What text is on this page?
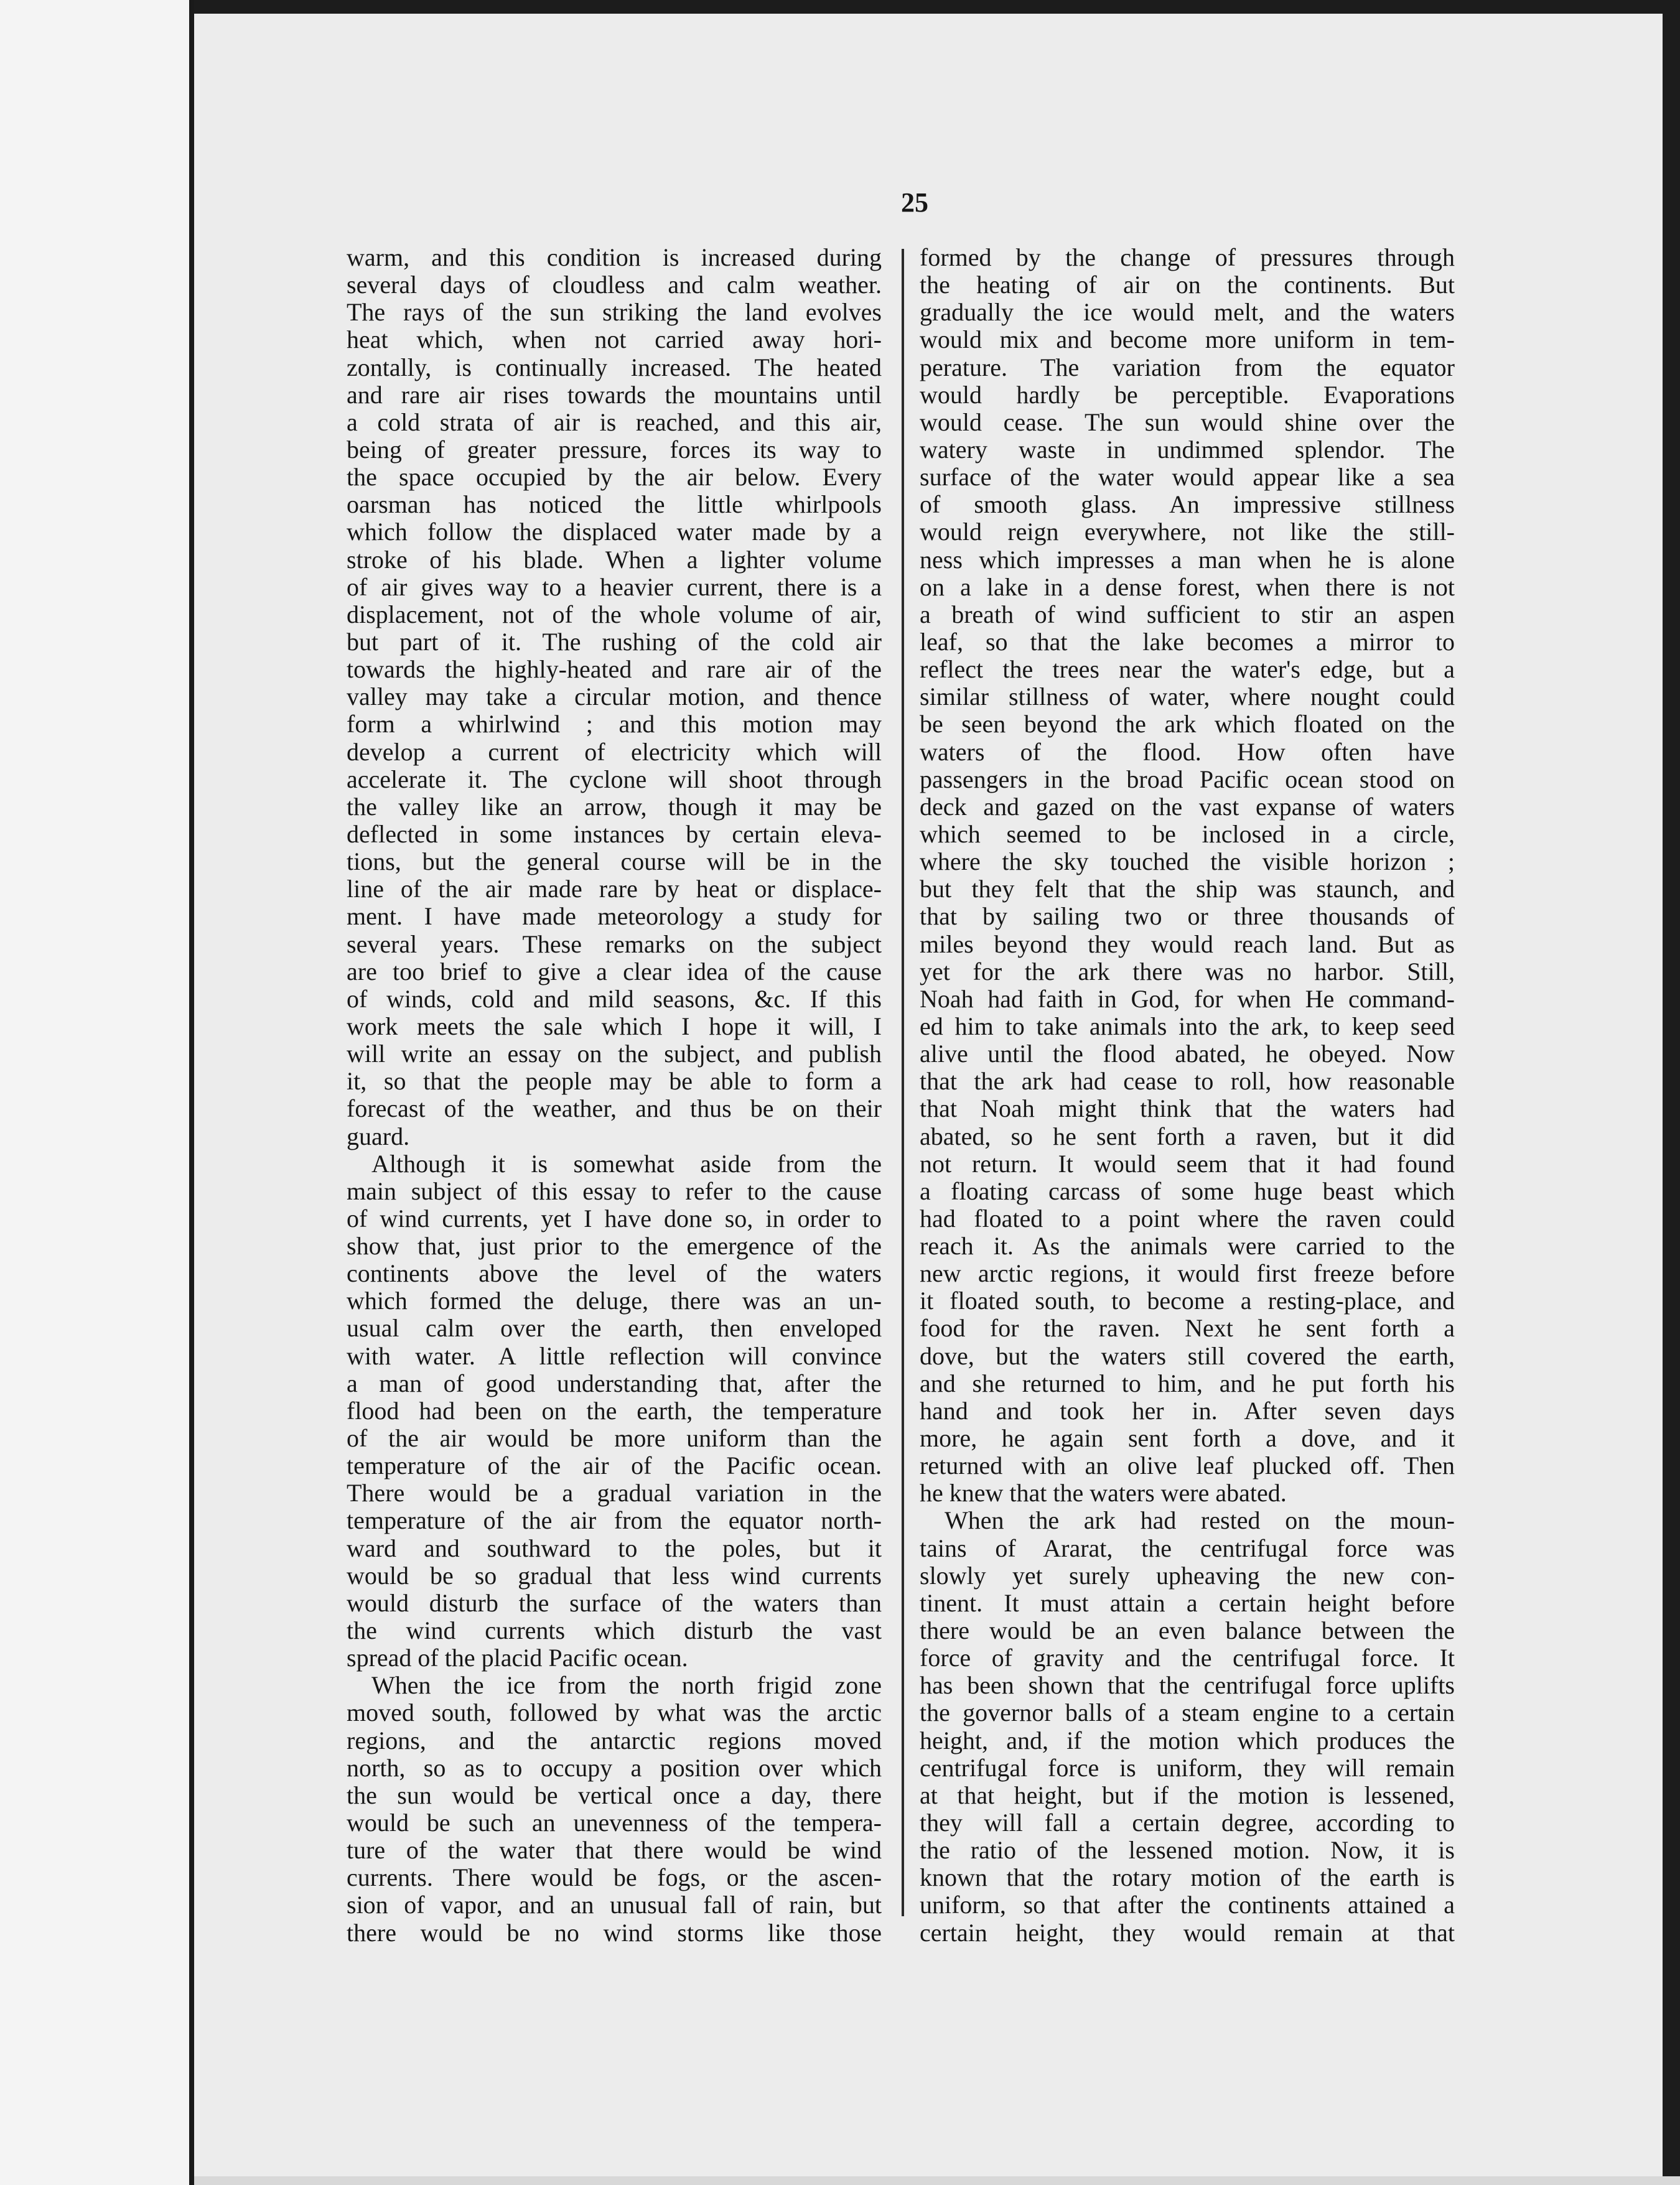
25
warm, and this condition is increased during
several days of cloudless and calm weather.
The rays of the sun striking the land evolves
heat which, when not carried away hori-
zontally, is continually increased. The heated
and rare air rises towards the mountains until
a cold strata of air is reached, and this air,
being of greater pressure, forces its way to
the space occupied by the air below. Every
oarsman has noticed the little whirlpools
which follow the displaced water made by a
stroke of his blade. When a lighter volume
of air gives way to a heavier current, there is a
displacement, not of the whole volume of air,
but part of it. The rushing of the cold air
towards the highly-heated and rare air of the
valley may take a circular motion, and thence
form a whirlwind ; and this motion may
develop a current of electricity which will
accelerate it. The cyclone will shoot through
the valley like an arrow, though it may be
deflected in some instances by certain eleva-
tions, but the general course will be in the
line of the air made rare by heat or displace-
ment. I have made meteorology a study for
several years. These remarks on the subject
are too brief to give a clear idea of the cause
of winds, cold and mild seasons, &c. If this
work meets the sale which I hope it will, I
will write an essay on the subject, and publish
it, so that the people may be able to form a
forecast of the weather, and thus be on their
guard.
Although it is somewhat aside from the
main subject of this essay to refer to the cause
of wind currents, yet I have done so, in order to
show that, just prior to the emergence of the
continents above the level of the waters
which formed the deluge, there was an un-
usual calm over the earth, then enveloped
with water. A little reflection will convince
a man of good understanding that, after the
flood had been on the earth, the temperature
of the air would be more uniform than the
temperature of the air of the Pacific ocean.
There would be a gradual variation in the
temperature of the air from the equator north-
ward and southward to the poles, but it
would be so gradual that less wind currents
would disturb the surface of the waters than
the wind currents which disturb the vast
spread of the placid Pacific ocean.
When the ice from the north frigid zone
moved south, followed by what was the arctic
regions, and the antarctic regions moved
north, so as to occupy a position over which
the sun would be vertical once a day, there
would be such an unevenness of the tempera-
ture of the water that there would be wind
currents. There would be fogs, or the ascen-
sion of vapor, and an unusual fall of rain, but
there would be no wind storms like those
formed by the change of pressures through
the heating of air on the continents. But
gradually the ice would melt, and the waters
would mix and become more uniform in tem-
perature. The variation from the equator
would hardly be perceptible. Evaporations
would cease. The sun would shine over the
watery waste in undimmed splendor. The
surface of the water would appear like a sea
of smooth glass. An impressive stillness
would reign everywhere, not like the still-
ness which impresses a man when he is alone
on a lake in a dense forest, when there is not
a breath of wind sufficient to stir an aspen
leaf, so that the lake becomes a mirror to
reflect the trees near the water's edge, but a
similar stillness of water, where nought could
be seen beyond the ark which floated on the
waters of the flood. How often have
passengers in the broad Pacific ocean stood on
deck and gazed on the vast expanse of waters
which seemed to be inclosed in a circle,
where the sky touched the visible horizon ;
but they felt that the ship was staunch, and
that by sailing two or three thousands of
miles beyond they would reach land. But as
yet for the ark there was no harbor. Still,
Noah had faith in God, for when He command-
ed him to take animals into the ark, to keep seed
alive until the flood abated, he obeyed. Now
that the ark had cease to roll, how reasonable
that Noah might think that the waters had
abated, so he sent forth a raven, but it did
not return. It would seem that it had found
a floating carcass of some huge beast which
had floated to a point where the raven could
reach it. As the animals were carried to the
new arctic regions, it would first freeze before
it floated south, to become a resting-place, and
food for the raven. Next he sent forth a
dove, but the waters still covered the earth,
and she returned to him, and he put forth his
hand and took her in. After seven days
more, he again sent forth a dove, and it
returned with an olive leaf plucked off. Then
he knew that the waters were abated.
When the ark had rested on the moun-
tains of Ararat, the centrifugal force was
slowly yet surely upheaving the new con-
tinent. It must attain a certain height before
there would be an even balance between the
force of gravity and the centrifugal force. It
has been shown that the centrifugal force uplifts
the governor balls of a steam engine to a certain
height, and, if the motion which produces the
centrifugal force is uniform, they will remain
at that height, but if the motion is lessened,
they will fall a certain degree, according to
the ratio of the lessened motion. Now, it is
known that the rotary motion of the earth is
uniform, so that after the continents attained a
certain height, they would remain at that
